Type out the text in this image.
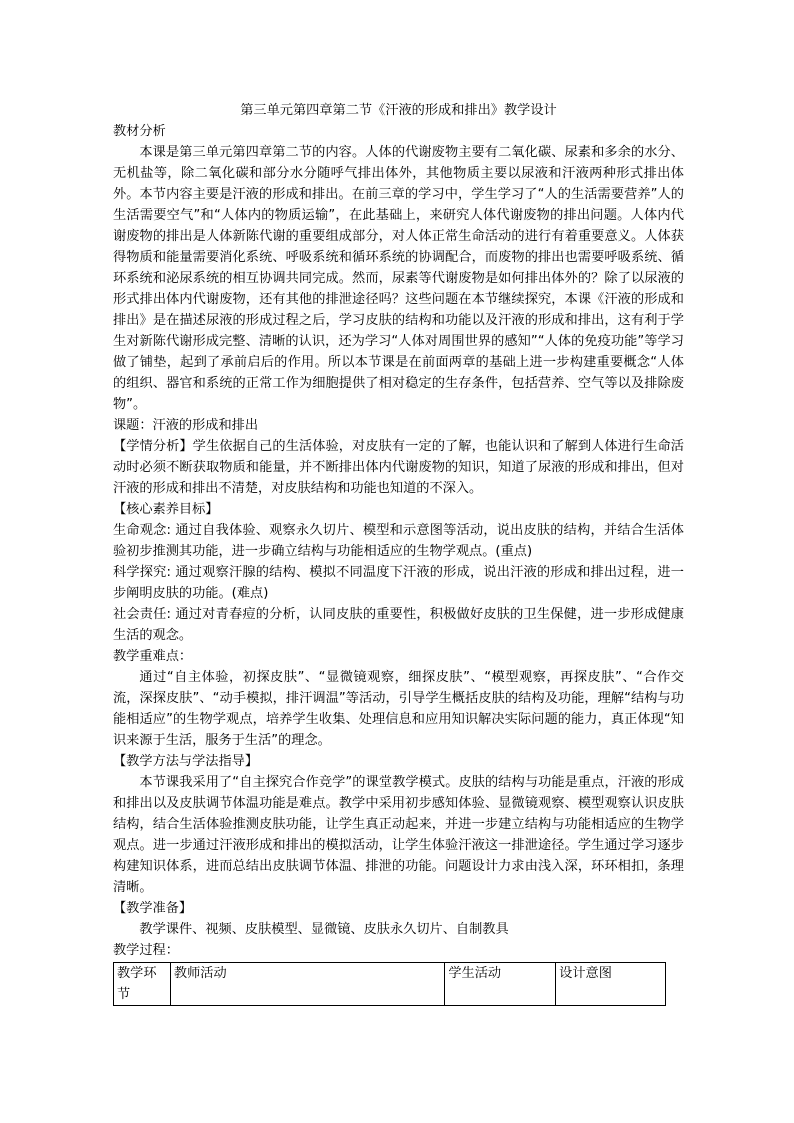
第三单元第四章第二节《汗液的形成和排出》教学设计

教材分析

本课是第三单元第四章第二节的内容。人体的代谢废物主要有二氧化碳、尿素和多余的水分、无机盐等，除二氧化碳和部分水分随呼气排出体外，其他物质主要以尿液和汗液两种形式排出体外。本节内容主要是汗液的形成和排出。在前三章的学习中，学生学习了“人的生活需要营养”人的生活需要空气”和“人体内的物质运输”，在此基础上，来研究人体代谢废物的排出问题。人体内代谢废物的排出是人体新陈代谢的重要组成部分，对人体正常生命活动的进行有着重要意义。人体获得物质和能量需要消化系统、呼吸系统和循环系统的协调配合，而废物的排出也需要呼吸系统、循环系统和泌尿系统的相互协调共同完成。然而，尿素等代谢废物是如何排出体外的？除了以尿液的形式排出体内代谢废物，还有其他的排泄途径吗？这些问题在本节继续探究，本课《汗液的形成和排出》是在描述尿液的形成过程之后，学习皮肤的结构和功能以及汗液的形成和排出，这有利于学生对新陈代谢形成完整、清晰的认识，还为学习“人体对周围世界的感知”“人体的免疫功能”等学习做了铺垫，起到了承前启后的作用。所以本节课是在前面两章的基础上进一步构建重要概念“人体的组织、器官和系统的正常工作为细胞提供了相对稳定的生存条件，包括营养、空气等以及排除废物”。

课题：汗液的形成和排出

【学情分析】学生依据自己的生活体验，对皮肤有一定的了解，也能认识和了解到人体进行生命活动时必须不断获取物质和能量，并不断排出体内代谢废物的知识，知道了尿液的形成和排出，但对汗液的形成和排出不清楚，对皮肤结构和功能也知道的不深入。

【核心素养目标】

生命观念: 通过自我体验、观察永久切片、模型和示意图等活动，说出皮肤的结构，并结合生活体验初步推测其功能，进一步确立结构与功能相适应的生物学观点。(重点)

科学探究: 通过观察汗腺的结构、模拟不同温度下汗液的形成，说出汗液的形成和排出过程，进一步阐明皮肤的功能。(难点)

社会责任: 通过对青春痘的分析，认同皮肤的重要性，积极做好皮肤的卫生保健，进一步形成健康生活的观念。

教学重难点：

通过“自主体验，初探皮肤”、“显微镜观察，细探皮肤”、“模型观察，再探皮肤”、“合作交流，深探皮肤”、“动手模拟，排汗调温”等活动，引导学生概括皮肤的结构及功能，理解“结构与功能相适应”的生物学观点，培养学生收集、处理信息和应用知识解决实际问题的能力，真正体现“知识来源于生活，服务于生活”的理念。

【教学方法与学法指导】

本节课我采用了“自主探究合作竞学”的课堂教学模式。皮肤的结构与功能是重点，汗液的形成和排出以及皮肤调节体温功能是难点。教学中采用初步感知体验、显微镜观察、模型观察认识皮肤结构，结合生活体验推测皮肤功能，让学生真正动起来，并进一步建立结构与功能相适应的生物学观点。进一步通过汗液形成和排出的模拟活动，让学生体验汗液这一排泄途径。学生通过学习逐步构建知识体系，进而总结出皮肤调节体温、排泄的功能。问题设计力求由浅入深，环环相扣，条理清晰。

【教学准备】

教学课件、视频、皮肤模型、显微镜、皮肤永久切片、自制教具

教学过程：

教学环节	教师活动	学生活动	设计意图
